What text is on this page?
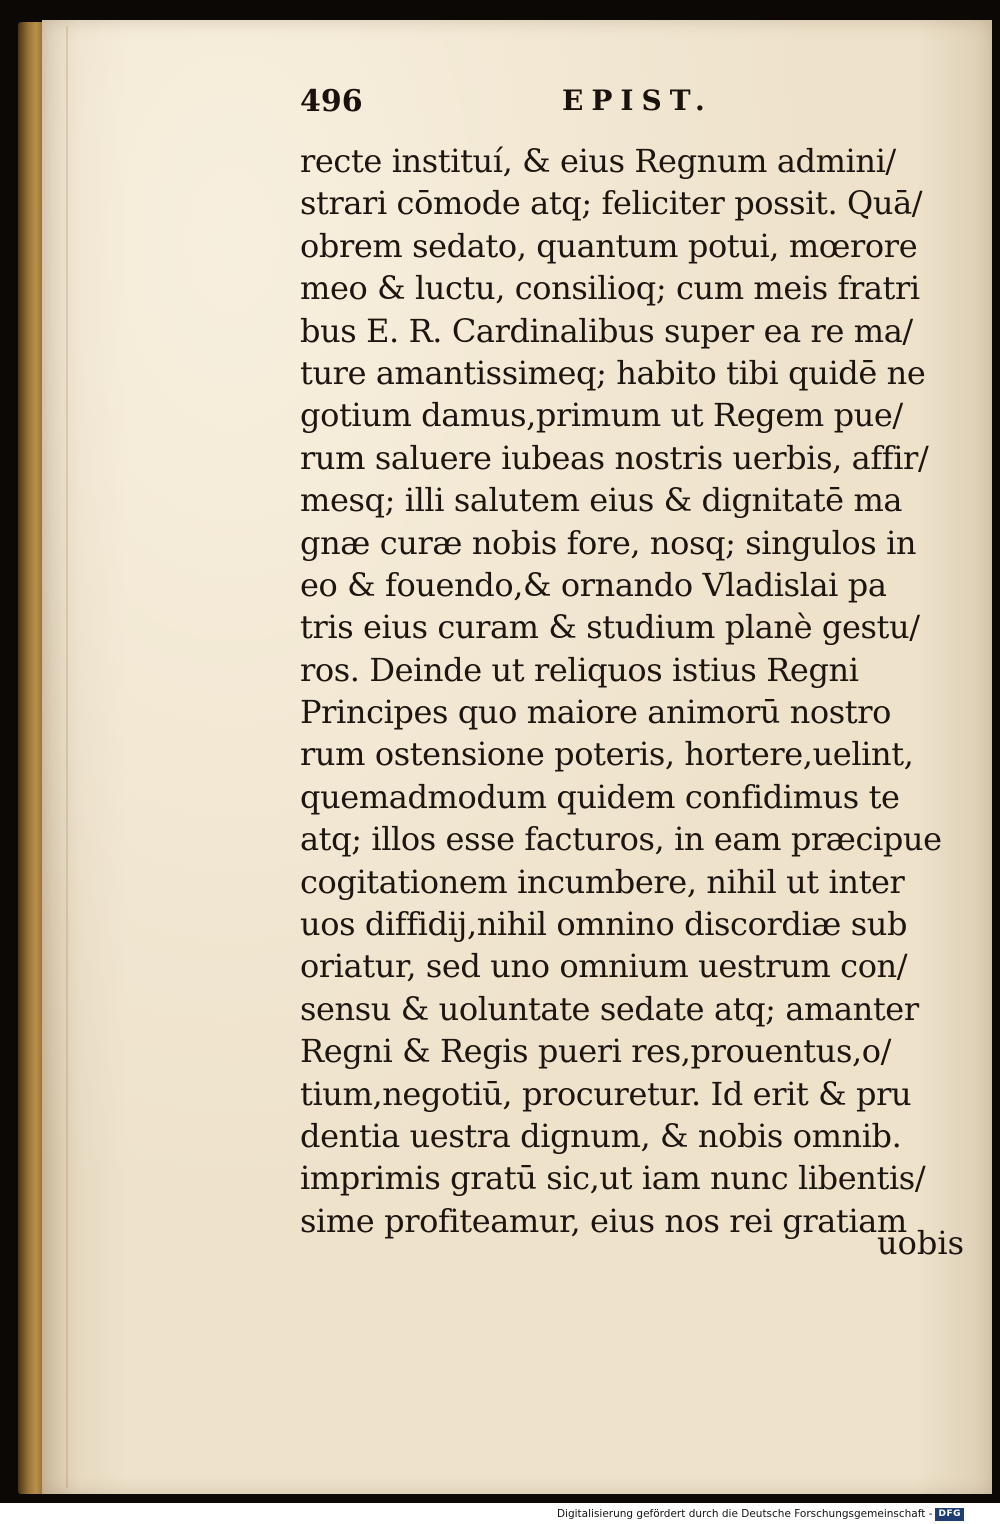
496	EPIST.
recte instituí, & eius Regnum admini/
strari cōmode atq; feliciter possit. Quā/
obrem sedato, quantum potui, mœrore
meo & luctu, consilioq; cum meis fratri
bus E. R. Cardinalibus super ea re ma/
ture amantissimeq; habito tibi quidē ne
gotium damus,primum ut Regem pue/
rum saluere iubeas nostris uerbis, affir/
mesq; illi salutem eius & dignitatē ma
gnæ curæ nobis fore, nosq; singulos in
eo & fouendo,& ornando Vladislai pa
tris eius curam & studium planè gestu/
ros. Deinde ut reliquos istius Regni
Principes quo maiore animorū nostro
rum ostensione poteris, hortere,uelint,
quemadmodum quidem confidimus te
atq; illos esse facturos, in eam præcipue
cogitationem incumbere, nihil ut inter
uos diffidij,nihil omnino discordiæ sub
oriatur, sed uno omnium uestrum con/
sensu & uoluntate sedate atq; amanter
Regni & Regis pueri res,prouentus,o/
tium,negotiū, procuretur. Id erit & pru
dentia uestra dignum, & nobis omnib.
imprimis gratū sic,ut iam nunc libentis/
sime profiteamur, eius nos rei gratiam
uobis
Digitalisierung gefördert durch die Deutsche Forschungsgemeinschaft - DFG
